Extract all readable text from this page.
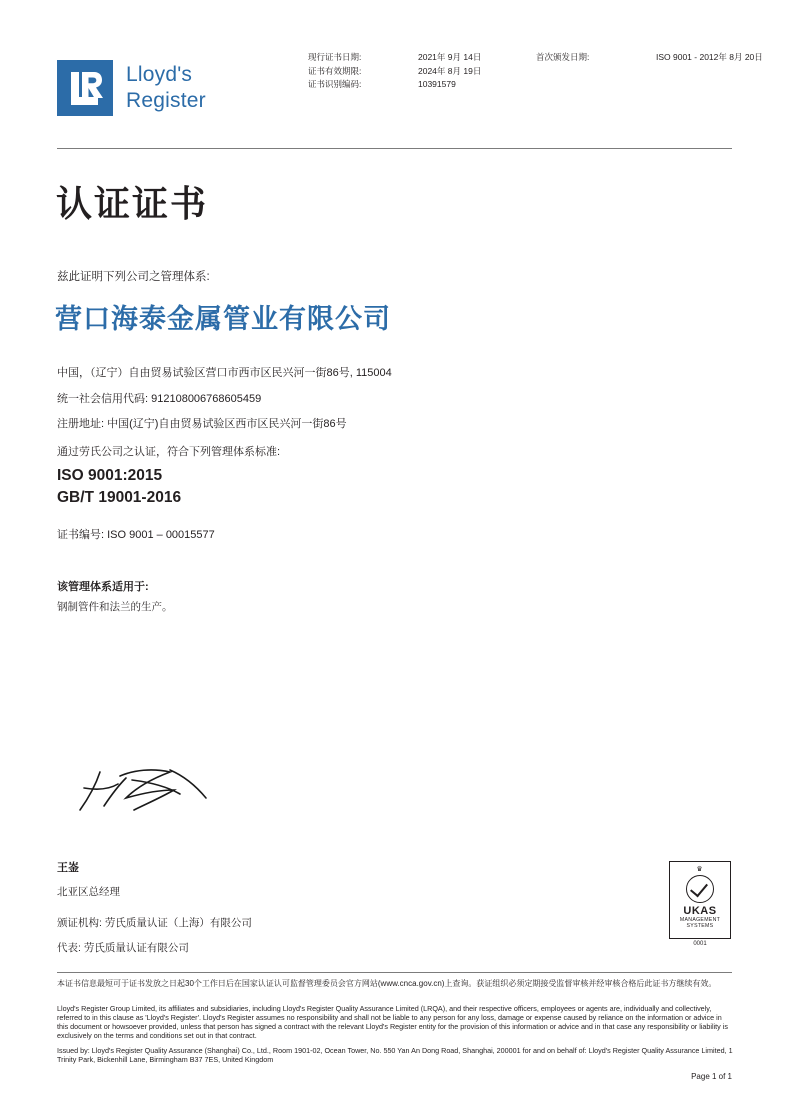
Lloyd's
Register
现行证书日期:	2021年 9月 14日	首次颁发日期:	ISO 9001 - 2012年 8月 20日
证书有效期限:	2024年 8月 19日		
证书识别编码:	10391579		
认证证书
兹此证明下列公司之管理体系:
营口海泰金属管业有限公司
中国，（辽宁）自由贸易试验区营口市西市区民兴河一街86号, 115004
统一社会信用代码: 912108006768605459
注册地址: 中国(辽宁)自由贸易试验区西市区民兴河一街86号
通过劳氏公司之认证，符合下列管理体系标准:
ISO 9001:2015
GB/T 19001-2016
证书编号: ISO 9001 – 00015577
该管理体系适用于:
钢制管件和法兰的生产。
王崟
北亚区总经理
颁证机构: 劳氏质量认证（上海）有限公司
代表: 劳氏质量认证有限公司
♛
UKAS
MANAGEMENT
SYSTEMS
0001
本证书信息最短可于证书发放之日起30个工作日后在国家认证认可监督管理委员会官方网站(www.cnca.gov.cn)上查询。获证组织必须定期接受监督审核并经审核合格后此证书方继续有效。

Lloyd's Register Group Limited, its affiliates and subsidiaries, including Lloyd's Register Quality Assurance Limited (LRQA), and their respective officers, employees or agents are, individually and collectively, referred to in this clause as 'Lloyd's Register'. Lloyd's Register assumes no responsibility and shall not be liable to any person for any loss, damage or expense caused by reliance on the information or advice in this document or howsoever provided, unless that person has signed a contract with the relevant Lloyd's Register entity for the provision of this information or advice and in that case any responsibility or liability is exclusively on the terms and conditions set out in that contract.

Issued by: Lloyd's Register Quality Assurance (Shanghai) Co., Ltd., Room 1901-02, Ocean Tower, No. 550 Yan An Dong Road, Shanghai, 200001 for and on behalf of: Lloyd's Register Quality Assurance Limited, 1 Trinity Park, Bickenhill Lane, Birmingham B37 7ES, United Kingdom

Page 1 of 1
